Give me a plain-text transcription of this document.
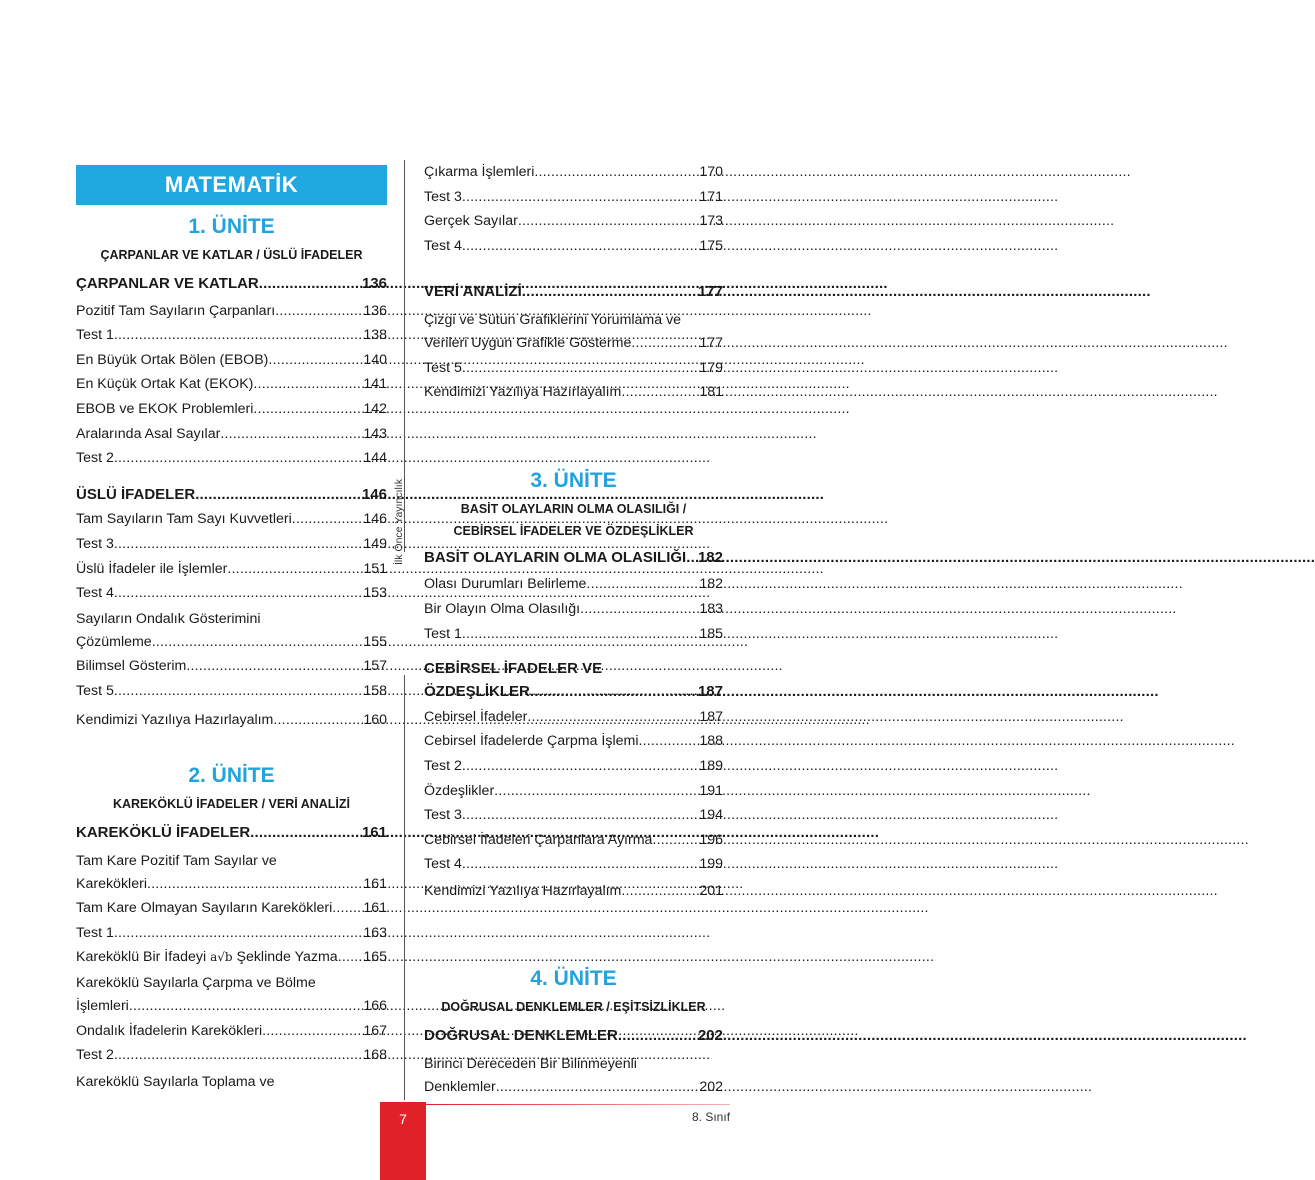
MATEMATİK
1. ÜNİTE
ÇARPANLAR VE KATLAR / ÜSLÜ İFADELER
ÇARPANLAR VE KATLAR .....	136
Pozitif Tam Sayıların Çarpanları .....	136
Test 1 .....	138
En Büyük Ortak Bölen (EBOB) .....	140
En Küçük Ortak Kat (EKOK) .....	141
EBOB ve EKOK Problemleri .....	142
Aralarında Asal Sayılar .....	143
Test 2 .....	144
ÜSLÜ İFADELER .....	146
Tam Sayıların Tam Sayı Kuvvetleri .....	146
Test 3 .....	149
Üslü İfadeler ile İşlemler .....	151
Test 4 .....	153
Sayıların Ondalık Gösterimini
Çözümleme .....	155
Bilimsel Gösterim .....	157
Test 5 .....	158
Kendimizi Yazılıya Hazırlayalım .....	160
2. ÜNİTE
KAREKÖKLÜ İFADELER / VERİ ANALİZİ
KAREKÖKLÜ İFADELER .....	161
Tam Kare Pozitif Tam Sayılar ve
Karekökleri .....	161
Tam Kare Olmayan Sayıların Karekökleri ..... 161
Test 1 .....	163
Kareköklü Bir İfadeyi a√b Şeklinde Yazma ..... 165
Kareköklü Sayılarla Çarpma ve Bölme
İşlemleri .....	166
Ondalık İfadelerin Karekökleri .....	167
Test 2 .....	168
Kareköklü Sayılarla Toplama ve
İlk Önce Yayıncılık
Çıkarma İşlemleri .....	170
Test 3 .....	171
Gerçek Sayılar .....	173
Test 4 .....	175
VERİ ANALİZİ .....	177
Çizgi ve Sütun Grafiklerini Yorumlama ve
Verileri Uygun Grafikle Gösterme .....	177
Test 5 .....	179
Kendimizi Yazılıya Hazırlayalım .....	181
3. ÜNİTE
BASİT OLAYLARIN OLMA OLASILIĞI /
CEBİRSEL İFADELER VE ÖZDEŞLİKLER
BASİT OLAYLARIN OLMA OLASILIĞI ..... 182
Olası Durumları Belirleme .....	182
Bir Olayın Olma Olasılığı .....	183
Test 1 .....	185
CEBİRSEL İFADELER VE
ÖZDEŞLİKLER .....	187
Cebirsel İfadeler .....	187
Cebirsel İfadelerde Çarpma İşlemi .....	188
Test 2 .....	189
Özdeşlikler .....	191
Test 3 .....	194
Cebirsel İfadeleri Çarpanlara Ayırma .....	196
Test 4 .....	199
Kendimizi Yazılıya Hazırlayalım .....	201
4. ÜNİTE
DOĞRUSAL DENKLEMLER / EŞİTSİZLİKLER
DOĞRUSAL DENKLEMLER .....	202
Birinci Dereceden Bir Bilinmeyenli
Denklemler .....	202
7	8. Sınıf
